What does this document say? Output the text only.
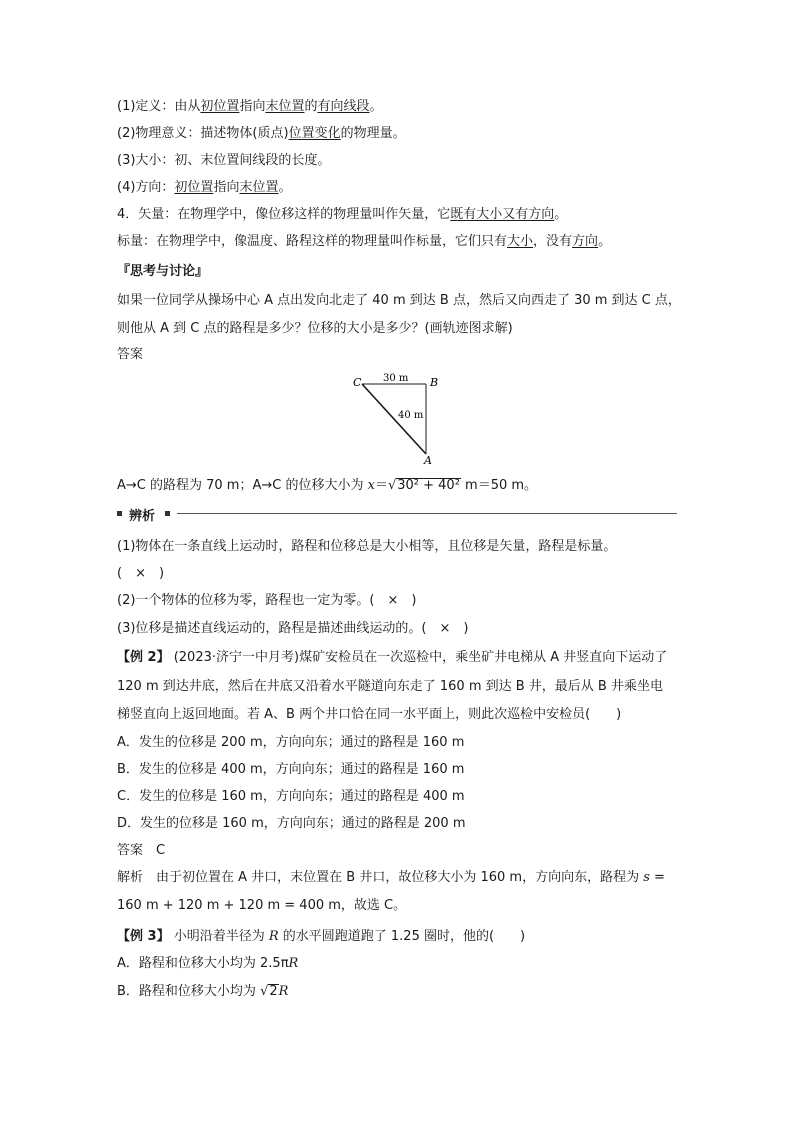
(1)定义：由从初位置指向末位置的有向线段。
(2)物理意义：描述物体(质点)位置变化的物理量。
(3)大小：初、末位置间线段的长度。
(4)方向：初位置指向末位置。
4．矢量：在物理学中，像位移这样的物理量叫作矢量，它既有大小又有方向。
标量：在物理学中，像温度、路程这样的物理量叫作标量，它们只有大小，没有方向。
『思考与讨论』
如果一位同学从操场中心 A 点出发向北走了 40 m 到达 B 点，然后又向西走了 30 m 到达 C 点，
则他从 A 到 C 点的路程是多少？位移的大小是多少？(画轨迹图求解)
答案
C	B
A
30 m
40 m
A→C 的路程为 70 m；A→C 的位移大小为 x＝√30² + 40² m＝50 m。
辨析
(1)物体在一条直线上运动时，路程和位移总是大小相等，且位移是矢量，路程是标量。
(　×　)
(2)一个物体的位移为零，路程也一定为零。(　×　)
(3)位移是描述直线运动的，路程是描述曲线运动的。(　×　)
【例 2】 (2023·济宁一中月考)煤矿安检员在一次巡检中，乘坐矿井电梯从 A 井竖直向下运动了
120 m 到达井底，然后在井底又沿着水平隧道向东走了 160 m 到达 B 井，最后从 B 井乘坐电
梯竖直向上返回地面。若 A、B 两个井口恰在同一水平面上，则此次巡检中安检员(　　)
A．发生的位移是 200 m，方向向东；通过的路程是 160 m
B．发生的位移是 400 m，方向向东；通过的路程是 160 m
C．发生的位移是 160 m，方向向东；通过的路程是 400 m
D．发生的位移是 160 m，方向向东；通过的路程是 200 m
答案　C
解析　由于初位置在 A 井口，末位置在 B 井口，故位移大小为 160 m，方向向东，路程为 s =
160 m + 120 m + 120 m = 400 m，故选 C。
【例 3】 小明沿着半径为 R 的水平圆跑道跑了 1.25 圈时，他的(　　)
A．路程和位移大小均为 2.5πR
B．路程和位移大小均为 √2R
